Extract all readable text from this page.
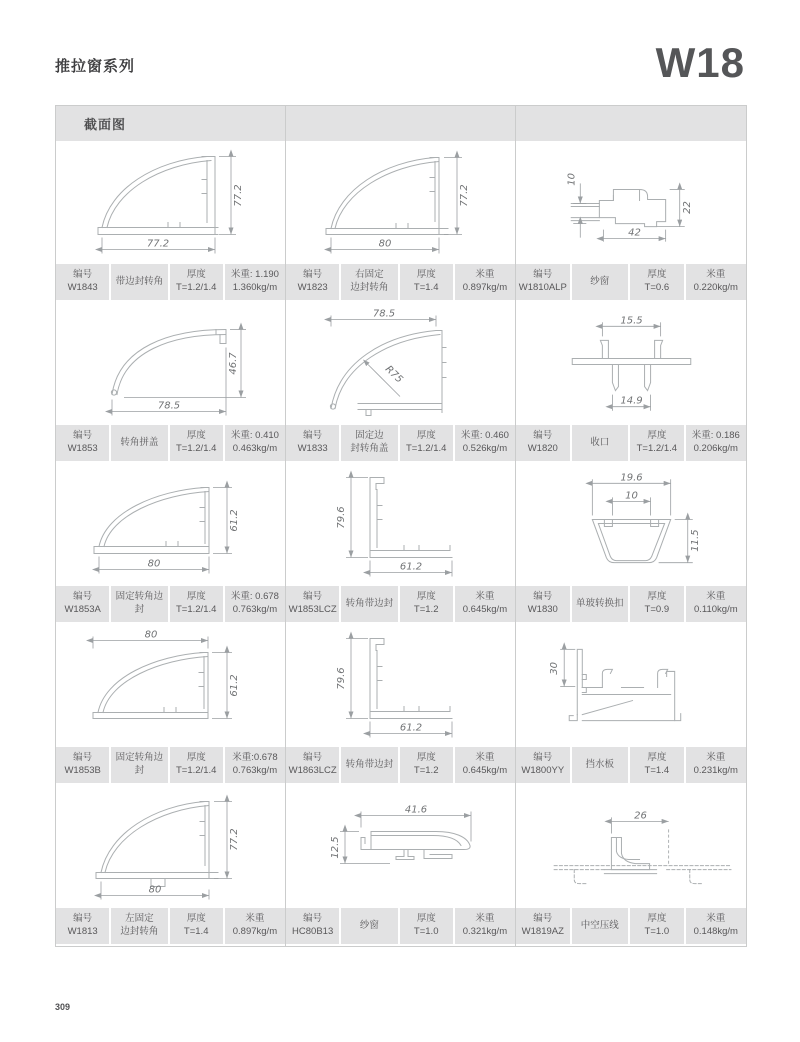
推拉窗系列	W18
截面图
77.2
77.2
编号
W1843
带边封转角
厚度
T=1.2/1.4
米重: 1.190
1.360kg/m
77.2
80
编号
W1823
右固定
边封转角
厚度
T=1.4
米重
0.897kg/m
10
22
42
编号
W1810ALP
纱窗
厚度
T=0.6
米重
0.220kg/m
46.7
78.5
编号
W1853
转角拼盖
厚度
T=1.2/1.4
米重: 0.410
0.463kg/m
78.5
R75
编号
W1833
固定边
封转角盖
厚度
T=1.2/1.4
米重: 0.460
0.526kg/m
15.5
14.9
编号
W1820
收口
厚度
T=1.2/1.4
米重: 0.186
0.206kg/m
61.2
80
编号
W1853A
固定转角边封
厚度
T=1.2/1.4
米重: 0.678
0.763kg/m
79.6
61.2
编号
W1853LCZ
转角带边封
厚度
T=1.2
米重
0.645kg/m
19.6
10
11.5
编号
W1830
单玻转换扣
厚度
T=0.9
米重
0.110kg/m
80
61.2
编号
W1853B
固定转角边封
厚度
T=1.2/1.4
米重:0.678
0.763kg/m
79.6
61.2
编号
W1863LCZ
转角带边封
厚度
T=1.2
米重
0.645kg/m
30
编号
W1800YY
挡水板
厚度
T=1.4
米重
0.231kg/m
77.2
80
编号
W1813
左固定
边封转角
厚度
T=1.4
米重
0.897kg/m
41.6
12.5
编号
HC80B13
纱窗
厚度
T=1.0
米重
0.321kg/m
26
编号
W1819AZ
中空压线
厚度
T=1.0
米重
0.148kg/m
309
